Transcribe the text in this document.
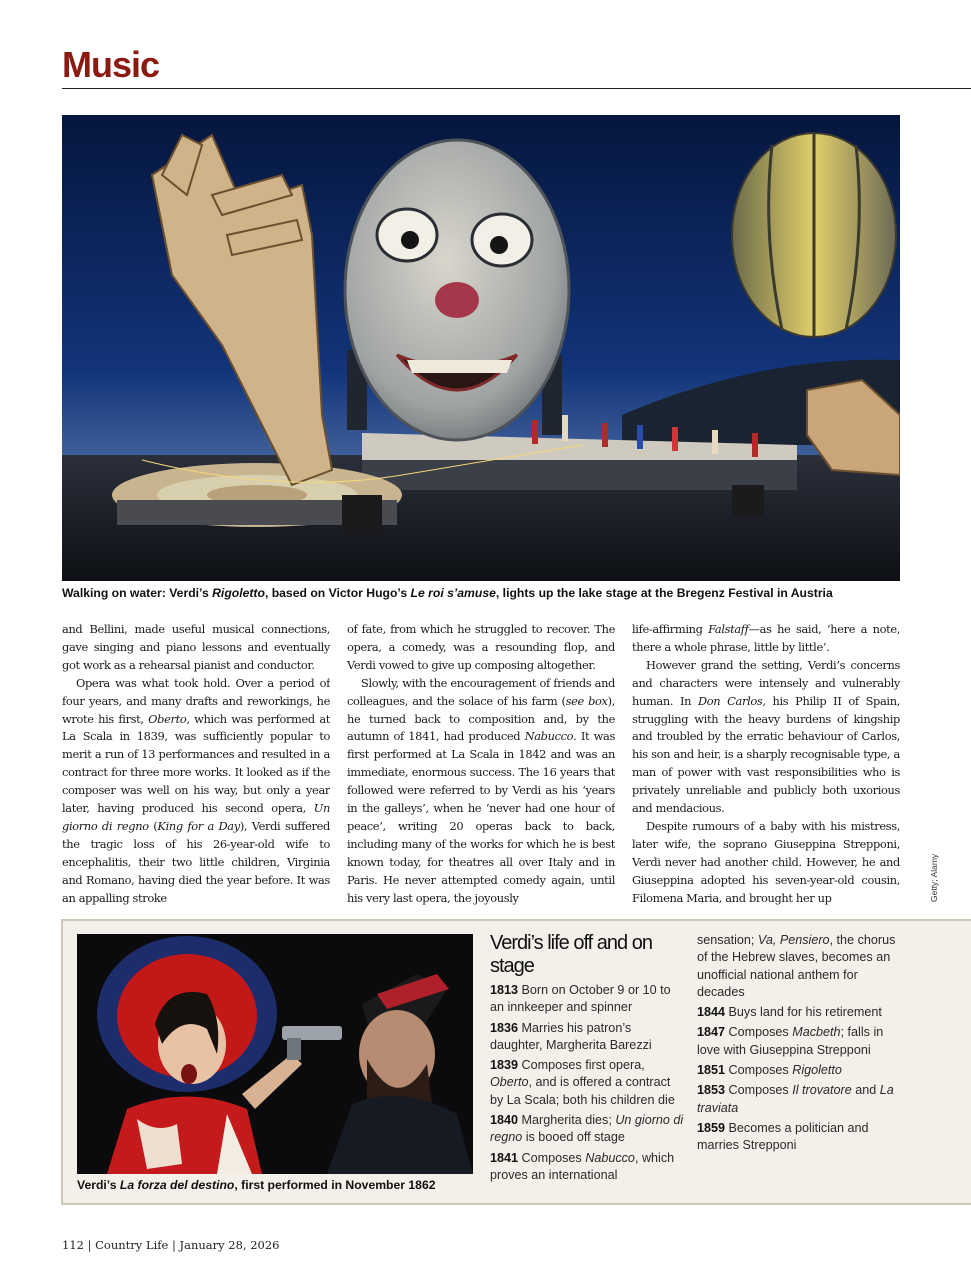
Music

Walking on water: Verdi’s Rigoletto, based on Victor Hugo’s Le roi s’amuse, lights up the lake stage at the Bregenz Festival in Austria

Getty; Alamy

and Bellini, made useful musical connections, gave singing and piano lessons and eventually got work as a rehearsal pianist and conductor.

Opera was what took hold. Over a period of four years, and many drafts and reworkings, he wrote his first, Oberto, which was performed at La Scala in 1839, was sufficiently popular to merit a run of 13 performances and resulted in a contract for three more works. It looked as if the composer was well on his way, but only a year later, having produced his second opera, Un giorno di regno (King for a Day), Verdi suffered the tragic loss of his 26-year-old wife to encephalitis, their two little children, Virginia and Romano, having died the year before. It was an appalling stroke

of fate, from which he struggled to recover. The opera, a comedy, was a resounding flop, and Verdi vowed to give up composing altogether.

Slowly, with the encouragement of friends and colleagues, and the solace of his farm (see box), he turned back to composition and, by the autumn of 1841, had produced Nabucco. It was first performed at La Scala in 1842 and was an immediate, enormous success. The 16 years that followed were referred to by Verdi as his ‘years in the galleys’, when he ‘never had one hour of peace’, writing 20 operas back to back, including many of the works for which he is best known today, for theatres all over Italy and in Paris. He never attempted comedy again, until his very last opera, the joyously

life-affirming Falstaff—as he said, ‘here a note, there a whole phrase, little by little’.

However grand the setting, Verdi’s concerns and characters were intensely and vulnerably human. In Don Carlos, his Philip II of Spain, struggling with the heavy burdens of kingship and troubled by the erratic behaviour of Carlos, his son and heir, is a sharply recognisable type, a man of power with vast responsibilities who is privately unreliable and publicly both uxorious and mendacious.

Despite rumours of a baby with his mistress, later wife, the soprano Giuseppina Strepponi, Verdi never had another child. However, he and Giuseppina adopted his seven-year-old cousin, Filomena Maria, and brought her up

Verdi’s La forza del destino, first performed in November 1862

Verdi’s life off and on stage

1813 Born on October 9 or 10 to an innkeeper and spinner

1836 Marries his patron’s daughter, Margherita Barezzi

1839 Composes first opera, Oberto, and is offered a contract by La Scala; both his children die

1840 Margherita dies; Un giorno di regno is booed off stage

1841 Composes Nabucco, which proves an international

sensation; Va, Pensiero, the chorus of the Hebrew slaves, becomes an unofficial national anthem for decades

1844 Buys land for his retirement

1847 Composes Macbeth; falls in love with Giuseppina Strepponi

1851 Composes Rigoletto

1853 Composes Il trovatore and La traviata

1859 Becomes a politician and marries Strepponi

112 | Country Life | January 28, 2026
